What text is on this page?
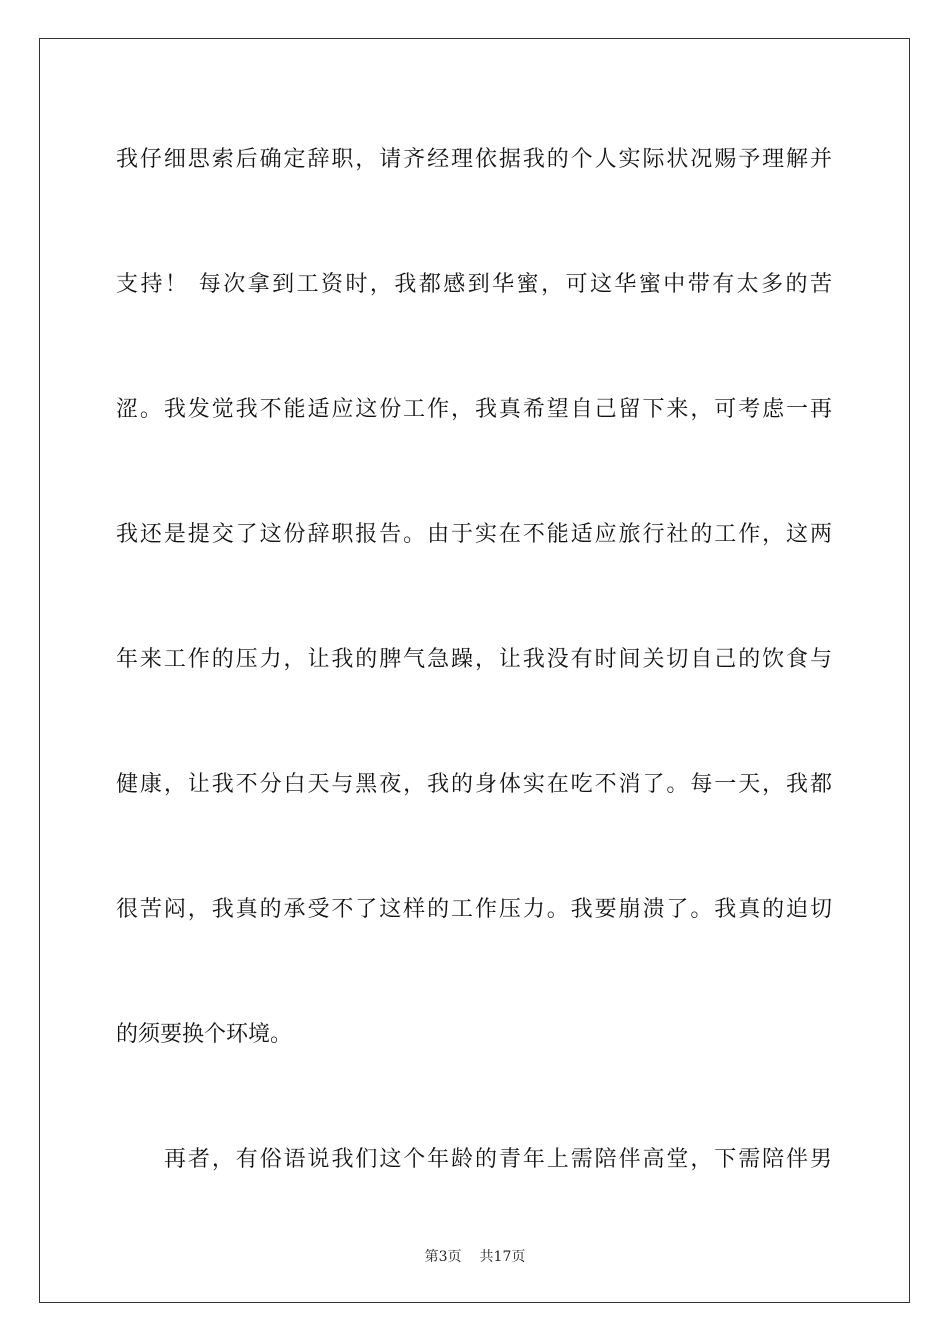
我仔细思索后确定辞职，请齐经理依据我的个人实际状况赐予理解并
支持！ 每次拿到工资时，我都感到华蜜，可这华蜜中带有太多的苦
涩。我发觉我不能适应这份工作，我真希望自己留下来，可考虑一再
我还是提交了这份辞职报告。由于实在不能适应旅行社的工作，这两
年来工作的压力，让我的脾气急躁，让我没有时间关切自己的饮食与
健康，让我不分白天与黑夜，我的身体实在吃不消了。每一天，我都
很苦闷，我真的承受不了这样的工作压力。我要崩溃了。我真的迫切
的须要换个环境。
再者，有俗语说我们这个年龄的青年上需陪伴高堂，下需陪伴男
第3页 共17页
